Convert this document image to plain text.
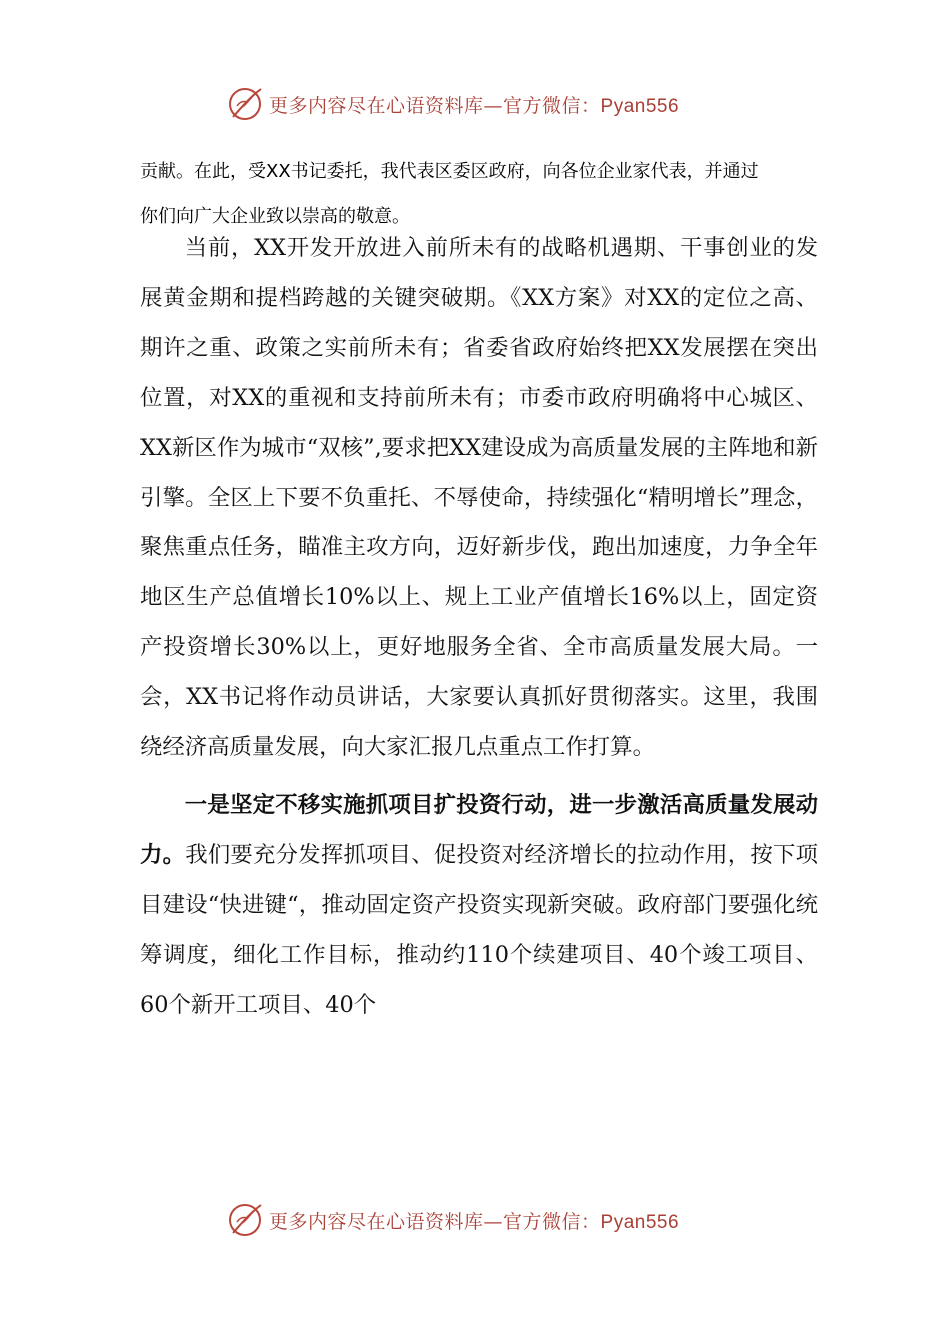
更多内容尽在心语资料库—官方微信：Pyan556
贡献。在此，受XX书记委托，我代表区委区政府，向各位企业家代表，并通过
你们向广大企业致以崇高的敬意。

当前，XX开发开放进入前所未有的战略机遇期、干事创业的发展黄金期和提档跨越的关键突破期。《XX方案》对XX的定位之高、期许之重、政策之实前所未有；省委省政府始终把XX发展摆在突出位置，对XX的重视和支持前所未有；市委市政府明确将中心城区、XX新区作为城市“双核”,要求把XX建设成为高质量发展的主阵地和新引擎。全区上下要不负重托、不辱使命，持续强化“精明增长”理念，聚焦重点任务，瞄准主攻方向，迈好新步伐，跑出加速度，力争全年地区生产总值增长10%以上、规上工业产值增长16%以上，固定资产投资增长30%以上，更好地服务全省、全市高质量发展大局。一会，XX书记将作动员讲话，大家要认真抓好贯彻落实。这里，我围绕经济高质量发展，向大家汇报几点重点工作打算。

一是坚定不移实施抓项目扩投资行动，进一步激活高质量发展动力。我们要充分发挥抓项目、促投资对经济增长的拉动作用，按下项目建设“快进键“，推动固定资产投资实现新突破。政府部门要强化统筹调度，细化工作目标，推动约110个续建项目、40个竣工项目、60个新开工项目、40个

更多内容尽在心语资料库—官方微信：Pyan556
